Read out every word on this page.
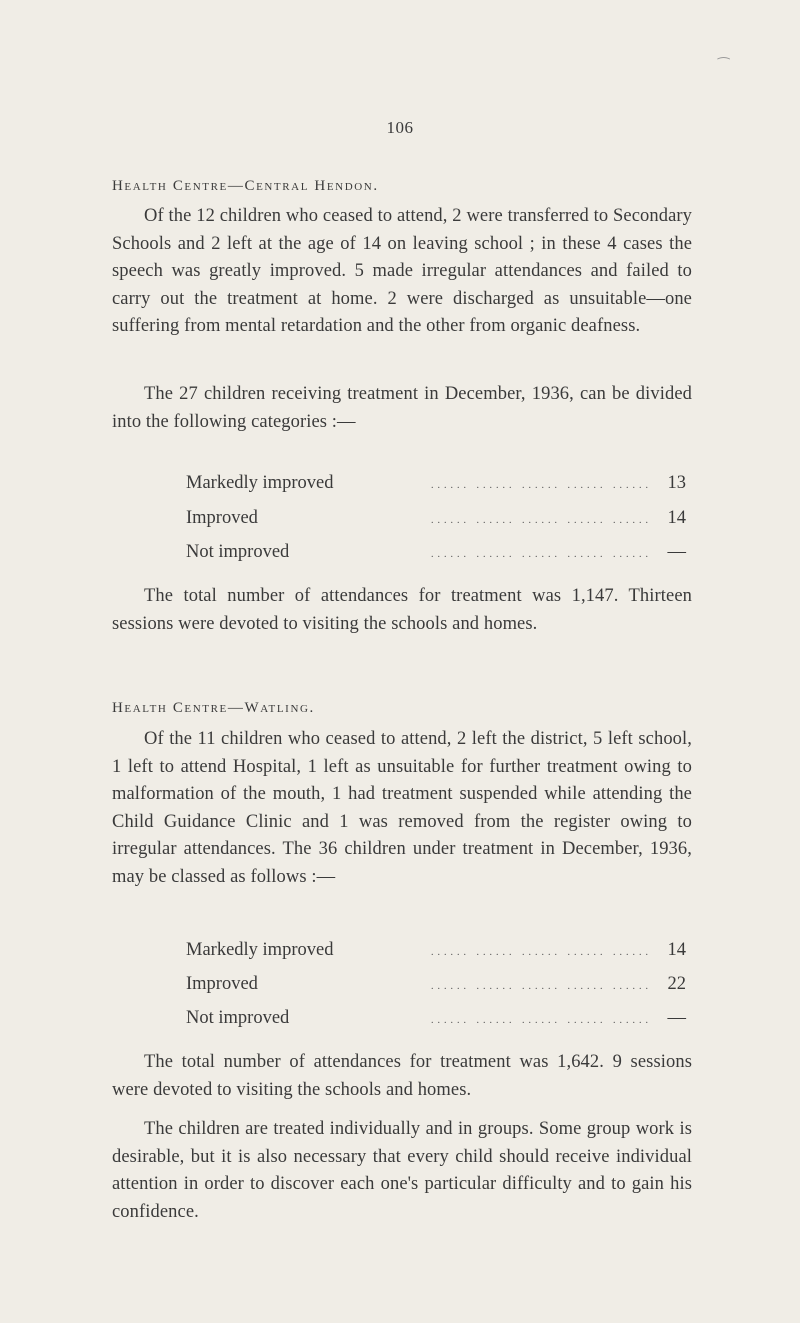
⁀
106
Health Centre—Central Hendon.

Of the 12 children who ceased to attend, 2 were transferred to Secondary Schools and 2 left at the age of 14 on leaving school ; in these 4 cases the speech was greatly improved. 5 made irregular attendances and failed to carry out the treatment at home. 2 were discharged as unsuitable—one suffering from mental retardation and the other from organic deafness.

The 27 children receiving treatment in December, 1936, can be divided into the following categories :—

Markedly improved	...... ...... ...... ...... ...... 13
Improved	...... ...... ...... ...... ...... 14
Not improved	...... ...... ...... ...... ...... —

The total number of attendances for treatment was 1,147. Thirteen sessions were devoted to visiting the schools and homes.

Health Centre—Watling.

Of the 11 children who ceased to attend, 2 left the district, 5 left school, 1 left to attend Hospital, 1 left as unsuitable for further treatment owing to malformation of the mouth, 1 had treatment suspended while attending the Child Guidance Clinic and 1 was removed from the register owing to irregular attendances. The 36 children under treatment in December, 1936, may be classed as follows :—

Markedly improved	...... ...... ...... ...... ...... 14
Improved	...... ...... ...... ...... ...... 22
Not improved	...... ...... ...... ...... ...... —

The total number of attendances for treatment was 1,642. 9 sessions were devoted to visiting the schools and homes.

The children are treated individually and in groups. Some group work is desirable, but it is also necessary that every child should receive individual attention in order to discover each one's particular difficulty and to gain his confidence.
